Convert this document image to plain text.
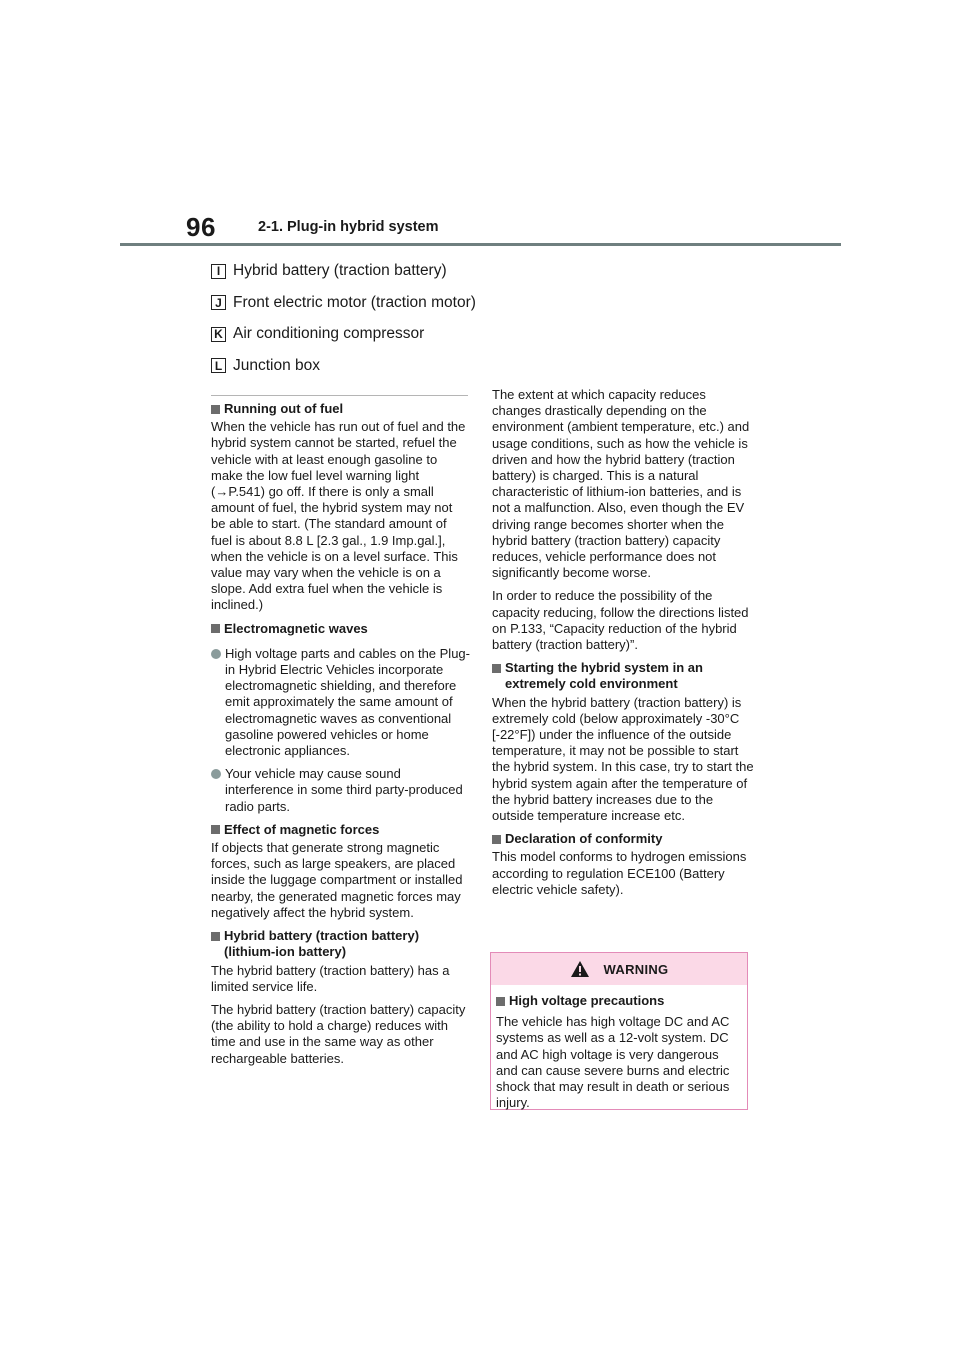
96	2-1. Plug-in hybrid system
I Hybrid battery (traction battery)
J Front electric motor (traction motor)
K Air conditioning compressor
L Junction box
Running out of fuel

When the vehicle has run out of fuel and the hybrid system cannot be started, refuel the vehicle with at least enough gasoline to make the low fuel level warning light (→P.541) go off. If there is only a small amount of fuel, the hybrid system may not be able to start. (The standard amount of fuel is about 8.8 L [2.3 gal., 1.9 Imp.gal.], when the vehicle is on a level surface. This value may vary when the vehicle is on a slope. Add extra fuel when the vehicle is inclined.)

Electromagnetic waves
High voltage parts and cables on the Plug-in Hybrid Electric Vehicles incorporate electromagnetic shielding, and therefore emit approximately the same amount of electromagnetic waves as conventional gasoline powered vehicles or home electronic appliances.
Your vehicle may cause sound interference in some third party-produced radio parts.
Effect of magnetic forces

If objects that generate strong magnetic forces, such as large speakers, are placed inside the luggage compartment or installed nearby, the generated magnetic forces may negatively affect the hybrid system.

Hybrid battery (traction battery) (lithium-ion battery)

The hybrid battery (traction battery) has a limited service life.

The hybrid battery (traction battery) capacity (the ability to hold a charge) reduces with time and use in the same way as other rechargeable batteries.

The extent at which capacity reduces changes drastically depending on the environment (ambient temperature, etc.) and usage conditions, such as how the vehicle is driven and how the hybrid battery (traction battery) is charged. This is a natural characteristic of lithium-ion batteries, and is not a malfunction. Also, even though the EV driving range becomes shorter when the hybrid battery (traction battery) capacity reduces, vehicle performance does not significantly become worse.

In order to reduce the possibility of the capacity reducing, follow the directions listed on P.133, “Capacity reduction of the hybrid battery (traction battery)”.

Starting the hybrid system in an extremely cold environment

When the hybrid battery (traction battery) is extremely cold (below approximately -30°C [-22°F]) under the influence of the outside temperature, it may not be possible to start the hybrid system. In this case, try to start the hybrid system again after the temperature of the hybrid battery increases due to the outside temperature increase etc.

Declaration of conformity

This model conforms to hydrogen emissions according to regulation ECE100 (Battery electric vehicle safety).

WARNING
High voltage precautions

The vehicle has high voltage DC and AC systems as well as a 12-volt system. DC and AC high voltage is very dangerous and can cause severe burns and electric shock that may result in death or serious injury.
